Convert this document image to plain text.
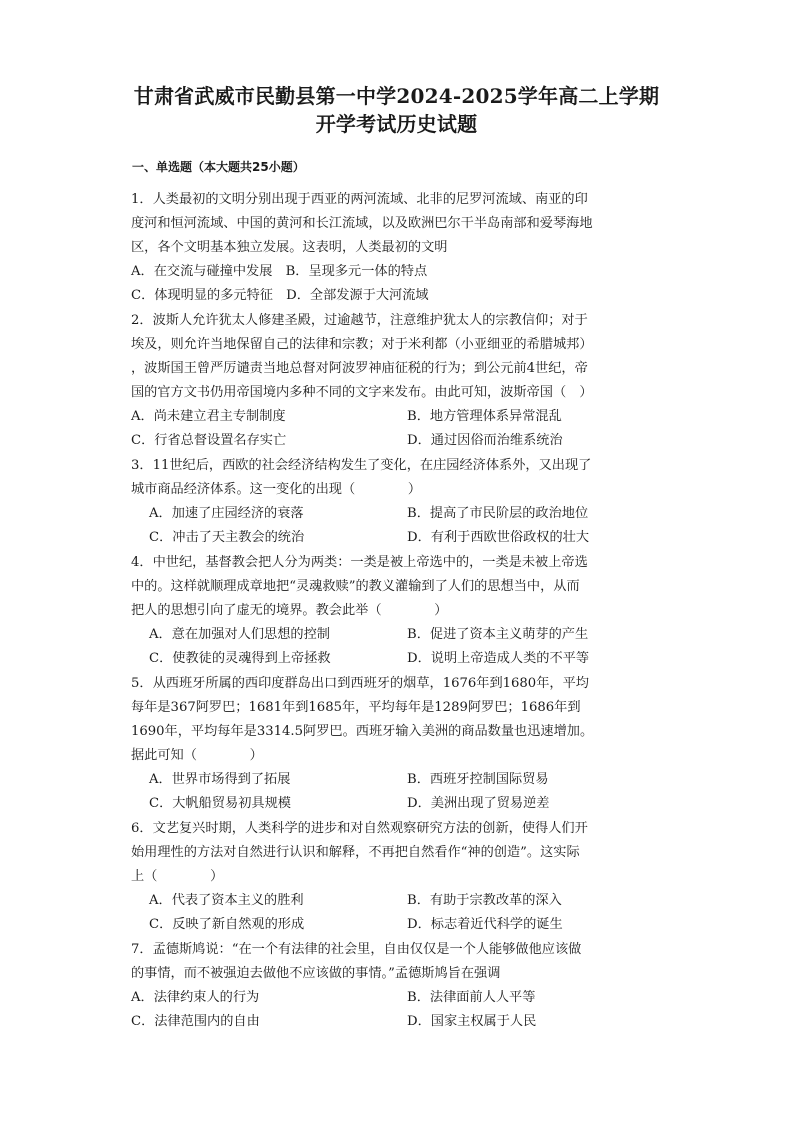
甘肃省武威市民勤县第一中学2024-2025学年高二上学期
开学考试历史试题
一、单选题（本大题共25小题）

1．人类最初的文明分别出现于西亚的两河流域、北非的尼罗河流域、南亚的印

度河和恒河流域、中国的黄河和长江流域，以及欧洲巴尔干半岛南部和爱琴海地

区，各个文明基本独立发展。这表明，人类最初的文明

A．在交流与碰撞中发展　B．呈现多元一体的特点
C．体现明显的多元特征　D．全部发源于大河流域

2．波斯人允许犹太人修建圣殿，过逾越节，注意维护犹太人的宗教信仰；对于

埃及，则允许当地保留自己的法律和宗教；对于米利都（小亚细亚的希腊城邦）

，波斯国王曾严厉谴责当地总督对阿波罗神庙征税的行为；到公元前4世纪，帝

国的官方文书仍用帝国境内多种不同的文字来发布。由此可知，波斯帝国（　）

A．尚未建立君主专制制度	B．地方管理体系异常混乱
C．行省总督设置名存实亡	D．通过因俗而治维系统治

3．11世纪后，西欧的社会经济结构发生了变化，在庄园经济体系外，又出现了

城市商品经济体系。这一变化的出现（　　　　）

A．加速了庄园经济的衰落	B．提高了市民阶层的政治地位
C．冲击了天主教会的统治	D．有利于西欧世俗政权的壮大

4．中世纪，基督教会把人分为两类：一类是被上帝选中的，一类是未被上帝选

中的。这样就顺理成章地把“灵魂救赎”的教义灌输到了人们的思想当中，从而

把人的思想引向了虚无的境界。教会此举（　　　　）

A．意在加强对人们思想的控制	B．促进了资本主义萌芽的产生
C．使教徒的灵魂得到上帝拯救	D．说明上帝造成人类的不平等

5．从西班牙所属的西印度群岛出口到西班牙的烟草，1676年到1680年，平均

每年是367阿罗巴；1681年到1685年，平均每年是1289阿罗巴；1686年到

1690年，平均每年是3314.5阿罗巴。西班牙输入美洲的商品数量也迅速增加。

据此可知（　　　　）

A．世界市场得到了拓展	B．西班牙控制国际贸易
C．大帆船贸易初具规模	D．美洲出现了贸易逆差

6．文艺复兴时期，人类科学的进步和对自然观察研究方法的创新，使得人们开

始用理性的方法对自然进行认识和解释，不再把自然看作“神的创造”。这实际

上（　　　　）

A．代表了资本主义的胜利	B．有助于宗教改革的深入
C．反映了新自然观的形成	D．标志着近代科学的诞生

7．孟德斯鸠说：“在一个有法律的社会里，自由仅仅是一个人能够做他应该做

的事情，而不被强迫去做他不应该做的事情。”孟德斯鸠旨在强调

A．法律约束人的行为	B．法律面前人人平等
C．法律范围内的自由	D．国家主权属于人民
